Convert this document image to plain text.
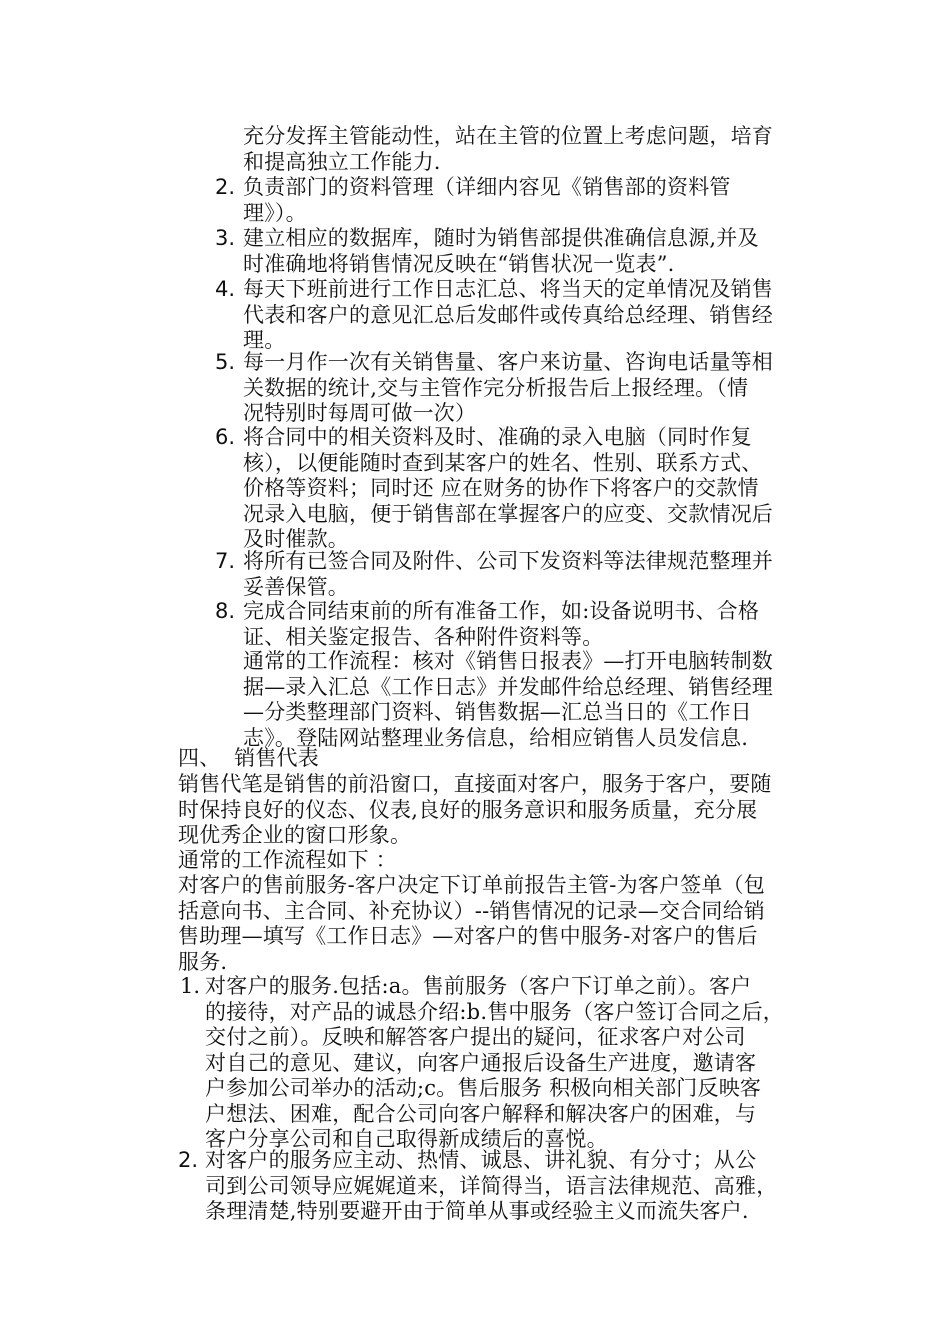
充分发挥主管能动性，站在主管的位置上考虑问题，培育
和提高独立工作能力.
2. 负责部门的资料管理（详细内容见《销售部的资料管
理》）。
3. 建立相应的数据库，随时为销售部提供准确信息源,并及
时准确地将销售情况反映在“销售状况一览表”.
4. 每天下班前进行工作日志汇总、将当天的定单情况及销售
代表和客户的意见汇总后发邮件或传真给总经理、销售经
理。
5. 每一月作一次有关销售量、客户来访量、咨询电话量等相
关数据的统计,交与主管作完分析报告后上报经理。（情
况特别时每周可做一次）
6. 将合同中的相关资料及时、准确的录入电脑（同时作复
核），以便能随时查到某客户的姓名、性别、联系方式、
价格等资料；同时还 应在财务的协作下将客户的交款情
况录入电脑，便于销售部在掌握客户的应变、交款情况后
及时催款。
7. 将所有已签合同及附件、公司下发资料等法律规范整理并
妥善保管。
8. 完成合同结束前的所有准备工作，如:设备说明书、合格
证、相关鉴定报告、各种附件资料等。
通常的工作流程：核对《销售日报表》—打开电脑转制数
据—录入汇总《工作日志》并发邮件给总经理、销售经理
—分类整理部门资料、销售数据—汇总当日的《工作日
志》。登陆网站整理业务信息，给相应销售人员发信息.
四、  销售代表
销售代笔是销售的前沿窗口，直接面对客户，服务于客户，要随
时保持良好的仪态、仪表,良好的服务意识和服务质量，充分展
现优秀企业的窗口形象。
通常的工作流程如下 ：
对客户的售前服务-客户决定下订单前报告主管-为客户签单（包
括意向书、主合同、补充协议）--销售情况的记录—交合同给销
售助理—填写《工作日志》—对客户的售中服务-对客户的售后
服务.
1. 对客户的服务.包括:a。售前服务（客户下订单之前）。客户
的接待，对产品的诚恳介绍:b.售中服务（客户签订合同之后，
交付之前）。反映和解答客户提出的疑问，征求客户对公司
对自己的意见、建议，向客户通报后设备生产进度，邀请客
户参加公司举办的活动;c。售后服务 积极向相关部门反映客
户想法、困难，配合公司向客户解释和解决客户的困难，与
客户分享公司和自己取得新成绩后的喜悦。
2. 对客户的服务应主动、热情、诚恳、讲礼貌、有分寸；从公
司到公司领导应娓娓道来，详简得当，语言法律规范、高雅，
条理清楚,特别要避开由于简单从事或经验主义而流失客户.
